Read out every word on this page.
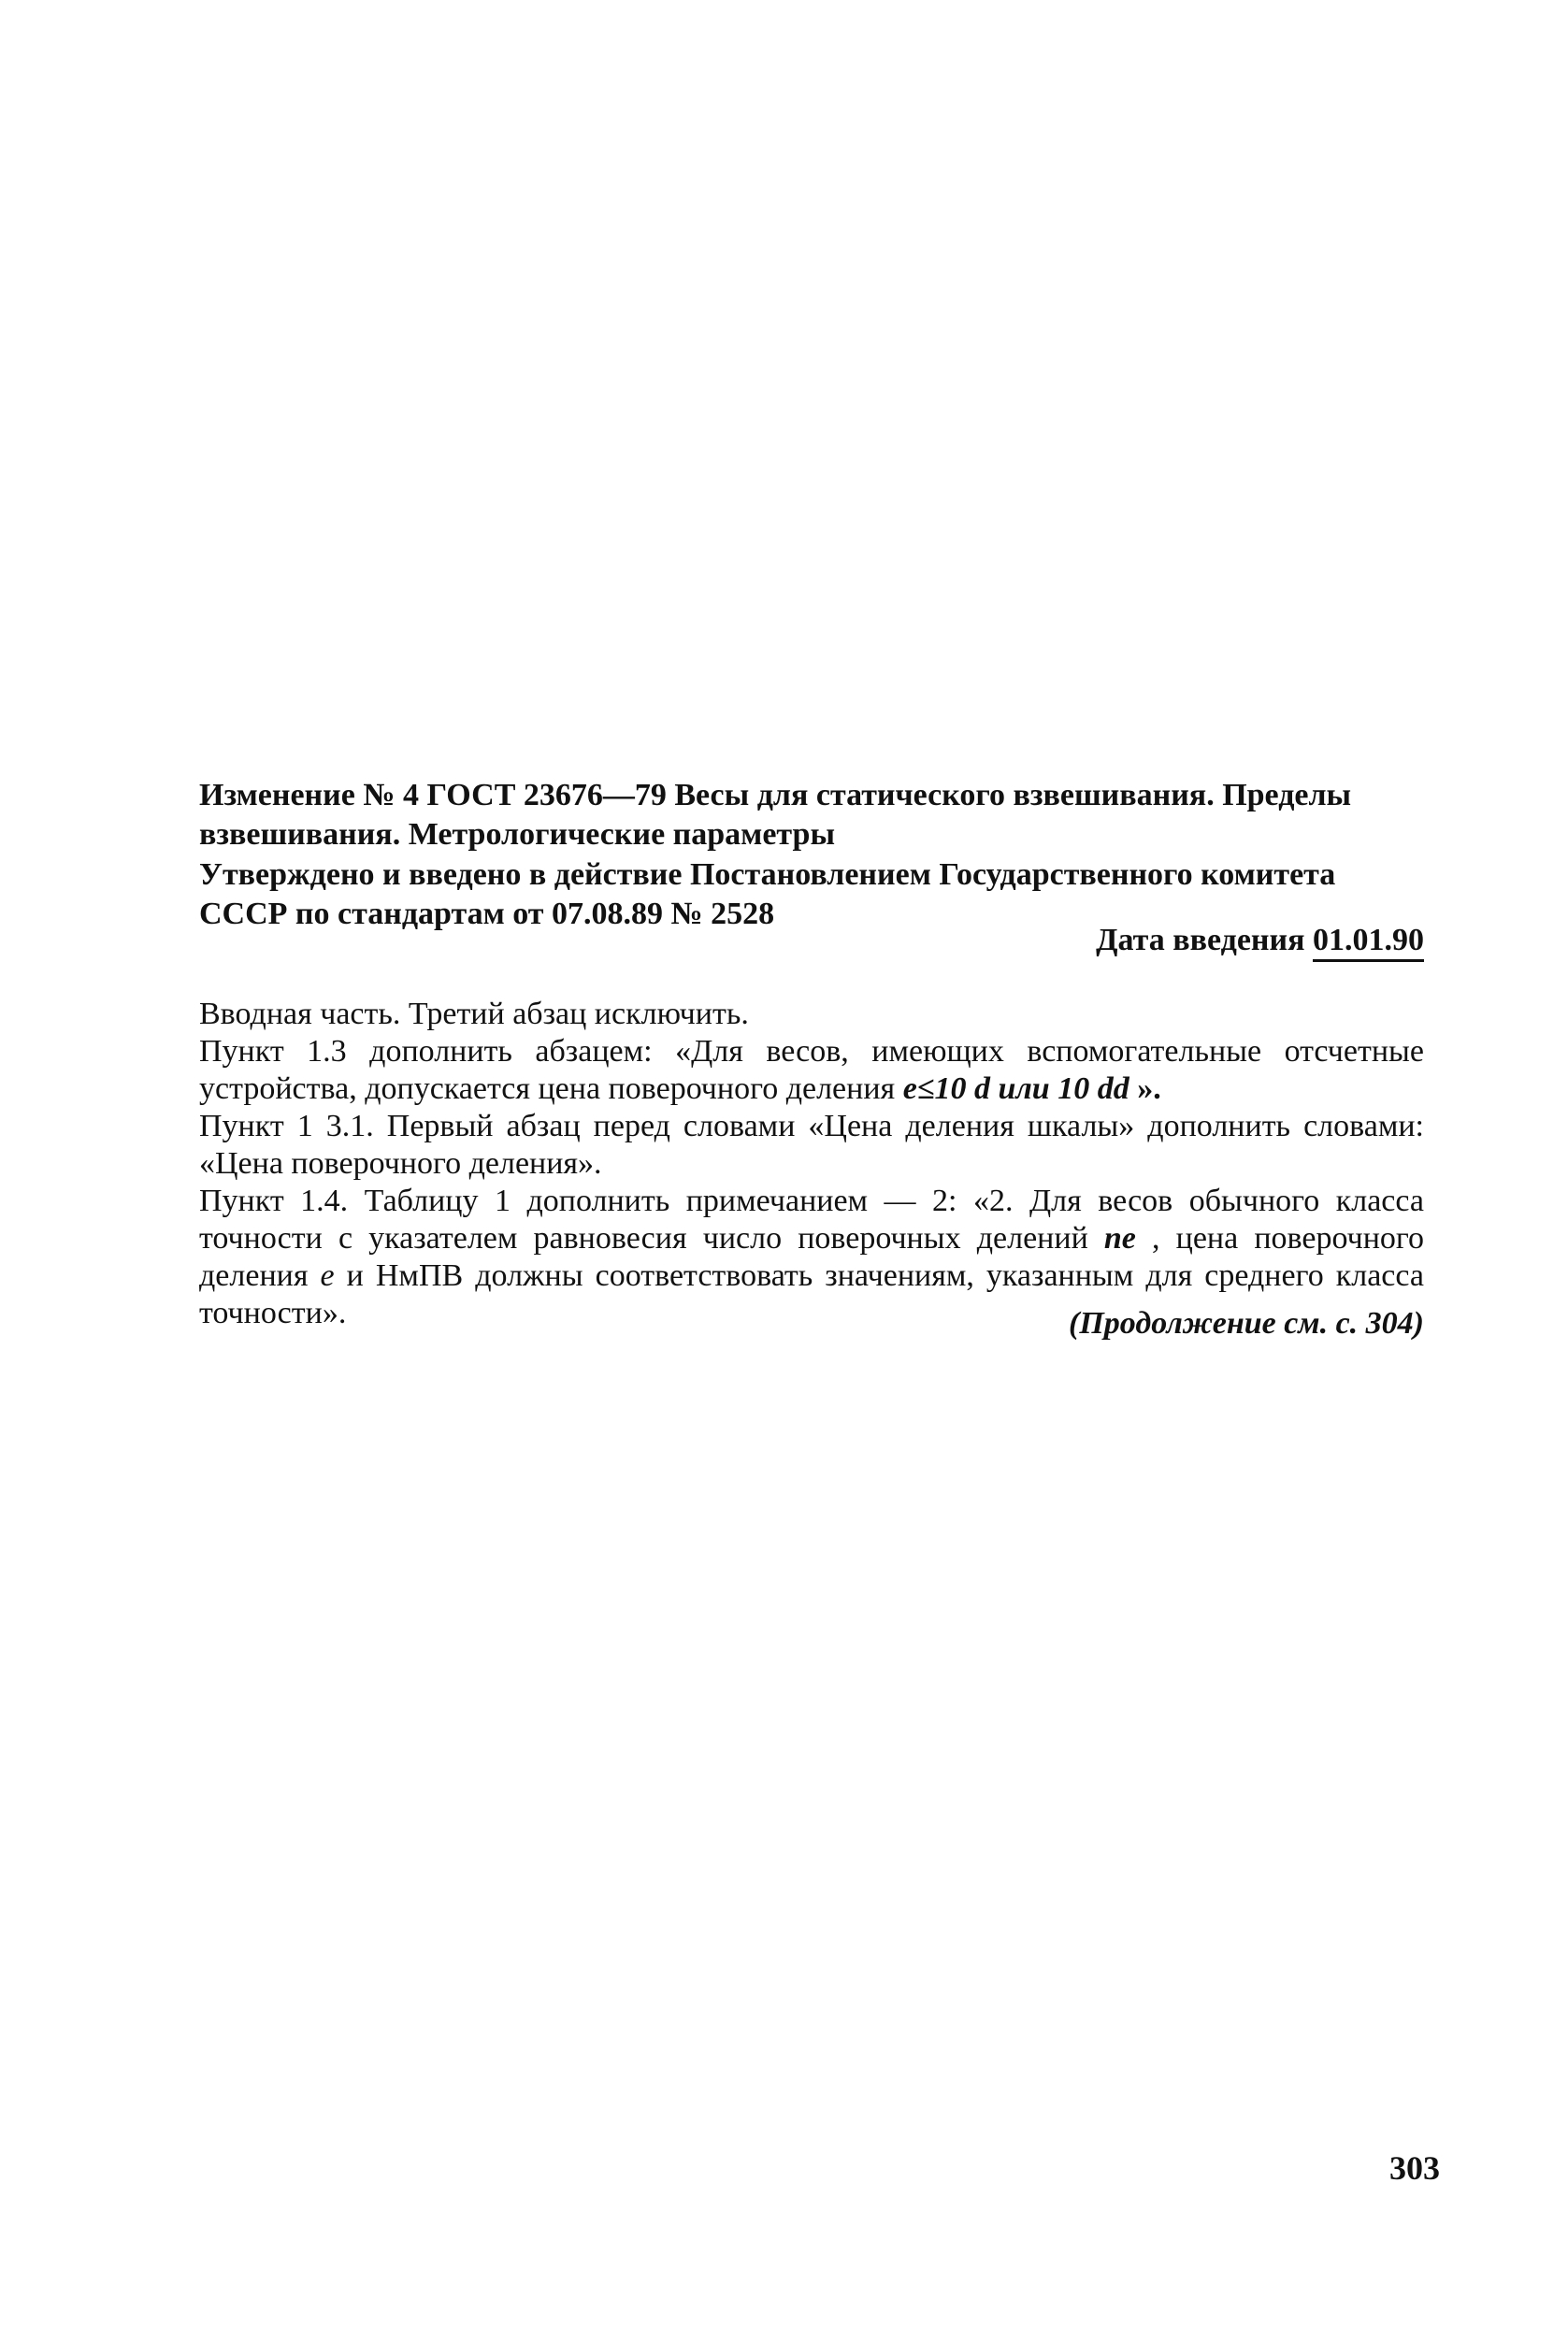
Изменение № 4 ГОСТ 23676—79 Весы для статического взвешивания. Пределы
взвешивания. Метрологические параметры
Утверждено и введено в действие Постановлением Государственного комитета
СССР по стандартам от 07.08.89 № 2528
Дата введения 01.01.90

Вводная часть. Третий абзац исключить.

Пункт 1.3 дополнить абзацем: «Для весов, имеющих вспомогательные отсчетные устройства, допускается цена поверочного деления e≤10 d или 10 dd ».

Пункт 1 3.1. Первый абзац перед словами «Цена деления шкалы» дополнить словами: «Цена поверочного деления».

Пункт 1.4. Таблицу 1 дополнить примечанием — 2: «2. Для весов обычного класса точности с указателем равновесия число поверочных делений ne , цена поверочного деления e и НмПВ должны соответствовать значениям, указанным для среднего класса точности».	(Продолжение см. с. 304)
303
